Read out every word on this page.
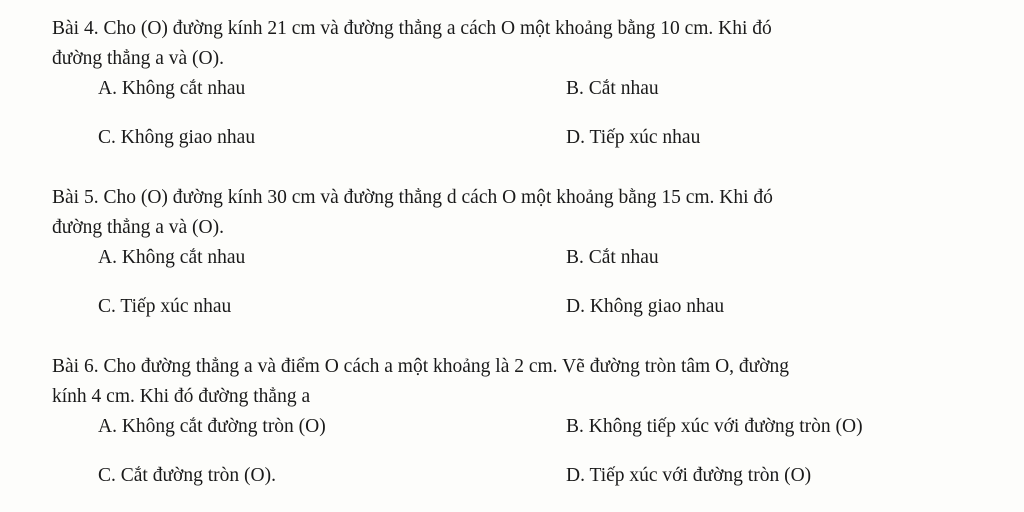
Bài 4. Cho (O) đường kính 21 cm và đường thẳng a cách O một khoảng bằng 10 cm. Khi đó
đường thẳng a và (O).

A. Không cắt nhau	B. Cắt nhau
C. Không giao nhau	D. Tiếp xúc nhau

Bài 5. Cho (O) đường kính 30 cm và đường thẳng d cách O một khoảng bằng 15 cm. Khi đó
đường thẳng a và (O).

A. Không cắt nhau	B. Cắt nhau
C. Tiếp xúc nhau	D. Không giao nhau

Bài 6. Cho đường thẳng a và điểm O cách a một khoảng là 2 cm. Vẽ đường tròn tâm O, đường
kính 4 cm. Khi đó đường thẳng a

A. Không cắt đường tròn (O)	B. Không tiếp xúc với đường tròn (O)
C. Cắt đường tròn (O).	D. Tiếp xúc với đường tròn (O)
